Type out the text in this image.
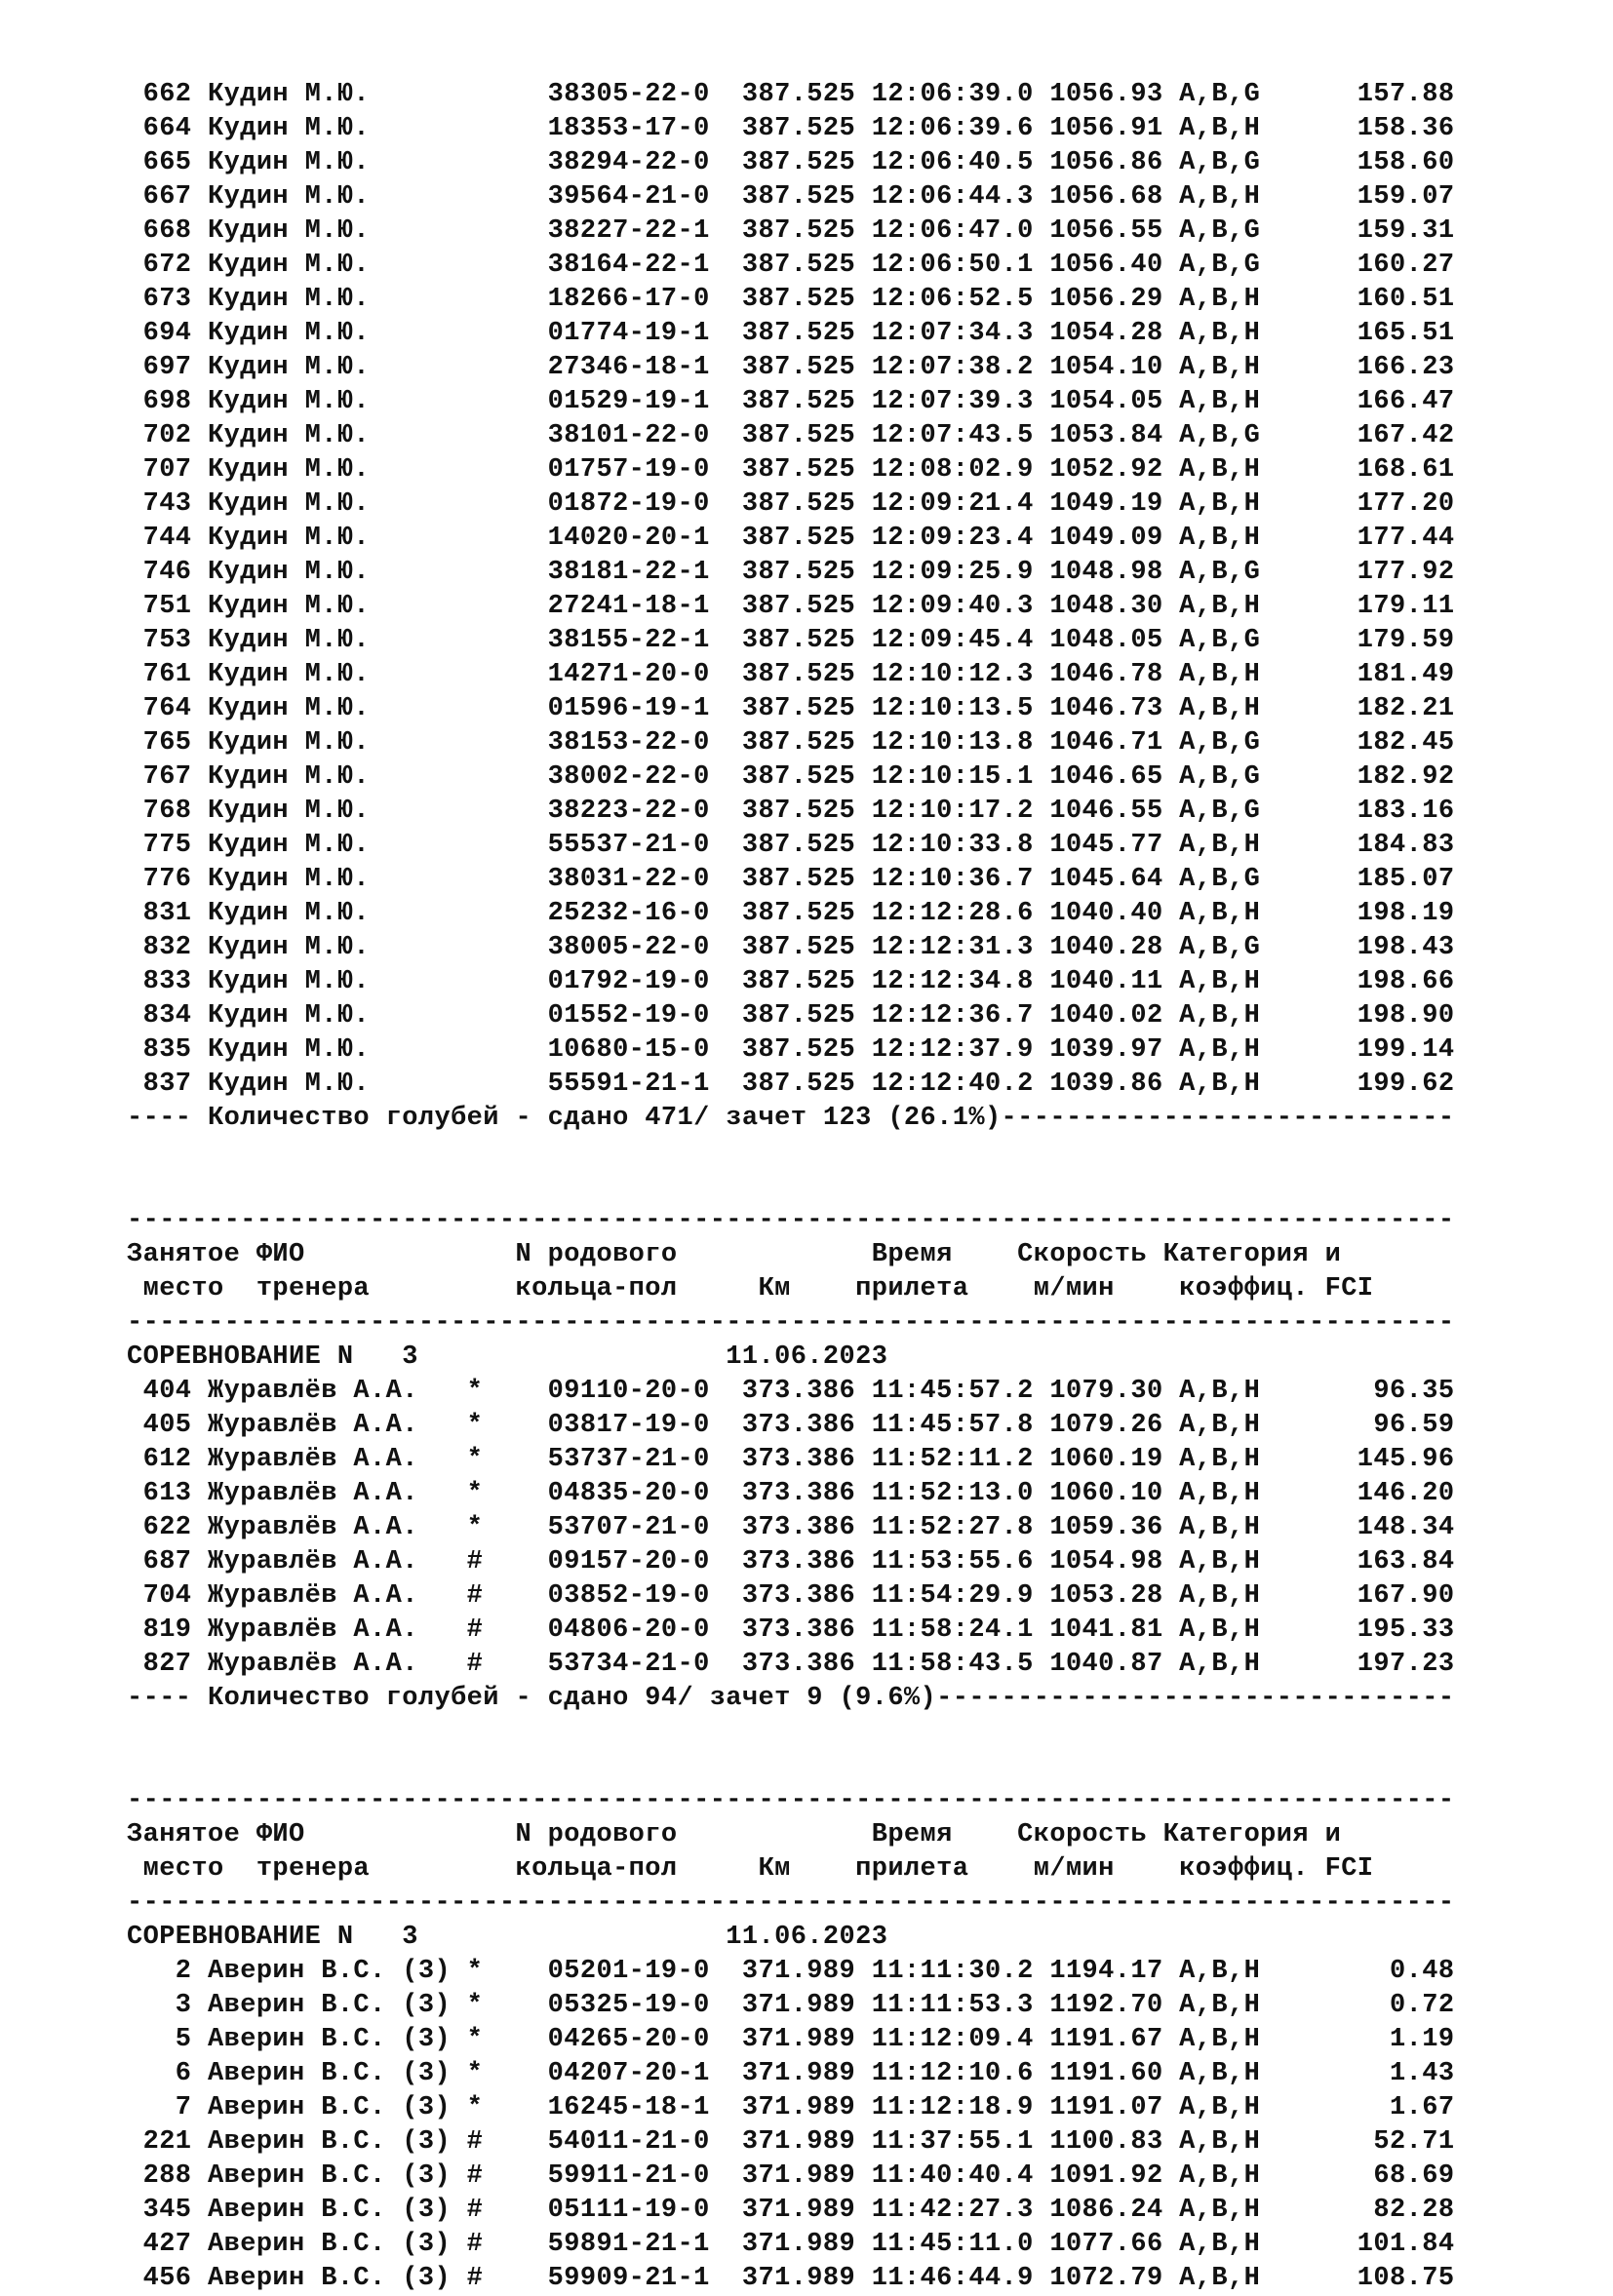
662 Кудин М.Ю.           38305-22-0  387.525 12:06:39.0 1056.93 A,B,G      157.88
664 Кудин М.Ю.           18353-17-0  387.525 12:06:39.6 1056.91 A,B,H      158.36
665 Кудин М.Ю.           38294-22-0  387.525 12:06:40.5 1056.86 A,B,G      158.60
667 Кудин М.Ю.           39564-21-0  387.525 12:06:44.3 1056.68 A,B,H      159.07
668 Кудин М.Ю.           38227-22-1  387.525 12:06:47.0 1056.55 A,B,G      159.31
672 Кудин М.Ю.           38164-22-1  387.525 12:06:50.1 1056.40 A,B,G      160.27
673 Кудин М.Ю.           18266-17-0  387.525 12:06:52.5 1056.29 A,B,H      160.51
694 Кудин М.Ю.           01774-19-1  387.525 12:07:34.3 1054.28 A,B,H      165.51
697 Кудин М.Ю.           27346-18-1  387.525 12:07:38.2 1054.10 A,B,H      166.23
698 Кудин М.Ю.           01529-19-1  387.525 12:07:39.3 1054.05 A,B,H      166.47
702 Кудин М.Ю.           38101-22-0  387.525 12:07:43.5 1053.84 A,B,G      167.42
707 Кудин М.Ю.           01757-19-0  387.525 12:08:02.9 1052.92 A,B,H      168.61
743 Кудин М.Ю.           01872-19-0  387.525 12:09:21.4 1049.19 A,B,H      177.20
744 Кудин М.Ю.           14020-20-1  387.525 12:09:23.4 1049.09 A,B,H      177.44
746 Кудин М.Ю.           38181-22-1  387.525 12:09:25.9 1048.98 A,B,G      177.92
751 Кудин М.Ю.           27241-18-1  387.525 12:09:40.3 1048.30 A,B,H      179.11
753 Кудин М.Ю.           38155-22-1  387.525 12:09:45.4 1048.05 A,B,G      179.59
761 Кудин М.Ю.           14271-20-0  387.525 12:10:12.3 1046.78 A,B,H      181.49
764 Кудин М.Ю.           01596-19-1  387.525 12:10:13.5 1046.73 A,B,H      182.21
765 Кудин М.Ю.           38153-22-0  387.525 12:10:13.8 1046.71 A,B,G      182.45
767 Кудин М.Ю.           38002-22-0  387.525 12:10:15.1 1046.65 A,B,G      182.92
768 Кудин М.Ю.           38223-22-0  387.525 12:10:17.2 1046.55 A,B,G      183.16
775 Кудин М.Ю.           55537-21-0  387.525 12:10:33.8 1045.77 A,B,H      184.83
776 Кудин М.Ю.           38031-22-0  387.525 12:10:36.7 1045.64 A,B,G      185.07
831 Кудин М.Ю.           25232-16-0  387.525 12:12:28.6 1040.40 A,B,H      198.19
832 Кудин М.Ю.           38005-22-0  387.525 12:12:31.3 1040.28 A,B,G      198.43
833 Кудин М.Ю.           01792-19-0  387.525 12:12:34.8 1040.11 A,B,H      198.66
834 Кудин М.Ю.           01552-19-0  387.525 12:12:36.7 1040.02 A,B,H      198.90
835 Кудин М.Ю.           10680-15-0  387.525 12:12:37.9 1039.97 A,B,H      199.14
837 Кудин М.Ю.           55591-21-1  387.525 12:12:40.2 1039.86 A,B,H      199.62
---- Количество голубей - сдано 471/ зачет 123 (26.1%)----------------------------
----------------------------------------------------------------------------------
Занятое ФИО             N родового            Время    Скорость Категория и
место  тренера         кольца-пол     Км    прилета    м/мин    коэффиц. FCI
----------------------------------------------------------------------------------
СОРЕВНОВАНИЕ N   3                   11.06.2023
404 Журавлёв А.А.   *    09110-20-0  373.386 11:45:57.2 1079.30 A,B,H       96.35
405 Журавлёв А.А.   *    03817-19-0  373.386 11:45:57.8 1079.26 A,B,H       96.59
612 Журавлёв А.А.   *    53737-21-0  373.386 11:52:11.2 1060.19 A,B,H      145.96
613 Журавлёв А.А.   *    04835-20-0  373.386 11:52:13.0 1060.10 A,B,H      146.20
622 Журавлёв А.А.   *    53707-21-0  373.386 11:52:27.8 1059.36 A,B,H      148.34
687 Журавлёв А.А.   #    09157-20-0  373.386 11:53:55.6 1054.98 A,B,H      163.84
704 Журавлёв А.А.   #    03852-19-0  373.386 11:54:29.9 1053.28 A,B,H      167.90
819 Журавлёв А.А.   #    04806-20-0  373.386 11:58:24.1 1041.81 A,B,H      195.33
827 Журавлёв А.А.   #    53734-21-0  373.386 11:58:43.5 1040.87 A,B,H      197.23
---- Количество голубей - сдано 94/ зачет 9 (9.6%)--------------------------------
----------------------------------------------------------------------------------
Занятое ФИО             N родового            Время    Скорость Категория и
место  тренера         кольца-пол     Км    прилета    м/мин    коэффиц. FCI
----------------------------------------------------------------------------------
СОРЕВНОВАНИЕ N   3                   11.06.2023
2 Аверин В.С. (3) *    05201-19-0  371.989 11:11:30.2 1194.17 A,B,H        0.48
3 Аверин В.С. (3) *    05325-19-0  371.989 11:11:53.3 1192.70 A,B,H        0.72
5 Аверин В.С. (3) *    04265-20-0  371.989 11:12:09.4 1191.67 A,B,H        1.19
6 Аверин В.С. (3) *    04207-20-1  371.989 11:12:10.6 1191.60 A,B,H        1.43
7 Аверин В.С. (3) *    16245-18-1  371.989 11:12:18.9 1191.07 A,B,H        1.67
221 Аверин В.С. (3) #    54011-21-0  371.989 11:37:55.1 1100.83 A,B,H       52.71
288 Аверин В.С. (3) #    59911-21-0  371.989 11:40:40.4 1091.92 A,B,H       68.69
345 Аверин В.С. (3) #    05111-19-0  371.989 11:42:27.3 1086.24 A,B,H       82.28
427 Аверин В.С. (3) #    59891-21-1  371.989 11:45:11.0 1077.66 A,B,H      101.84
456 Аверин В.С. (3) #    59909-21-1  371.989 11:46:44.9 1072.79 A,B,H      108.75
